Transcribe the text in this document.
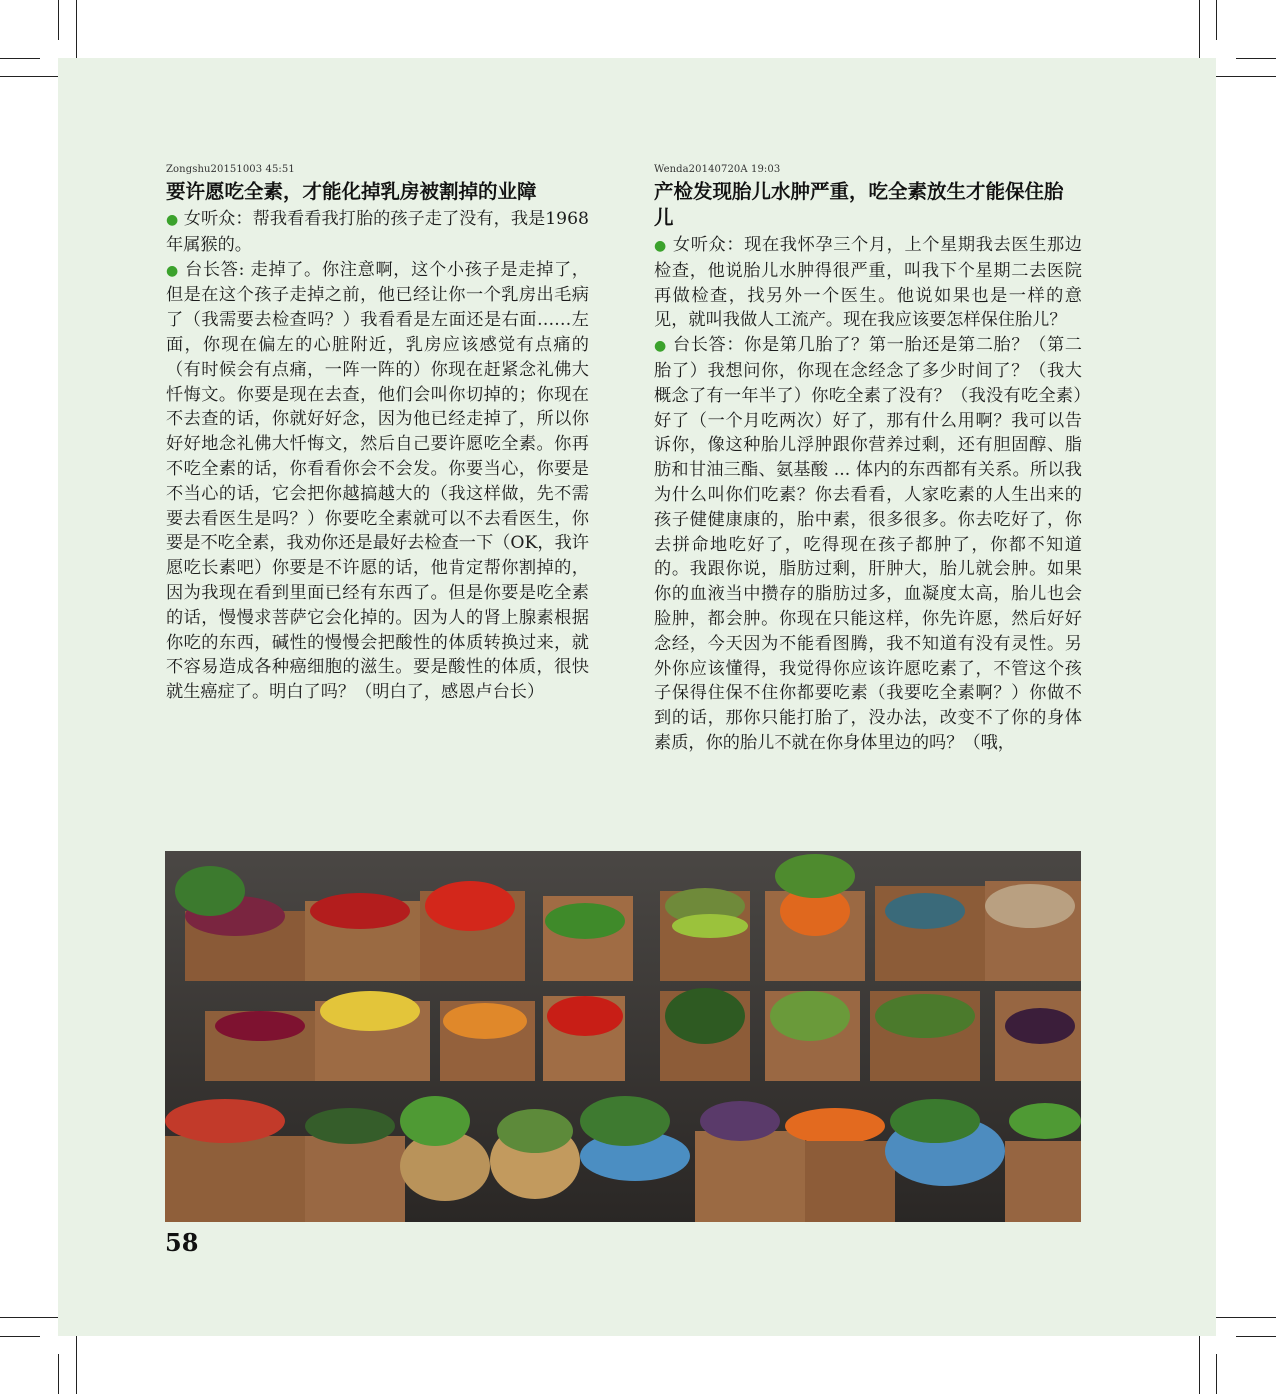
Zongshu20151003 45:51
要许愿吃全素，才能化掉乳房被割掉的业障

● 女听众：帮我看看我打胎的孩子走了没有，我是1968 年属猴的。

● 台长答: 走掉了。你注意啊，这个小孩子是走掉了，但是在这个孩子走掉之前，他已经让你一个乳房出毛病了（我需要去检查吗？）我看看是左面还是右面……左面，你现在偏左的心脏附近，乳房应该感觉有点痛的（有时候会有点痛，一阵一阵的）你现在赶紧念礼佛大忏悔文。你要是现在去查，他们会叫你切掉的；你现在不去查的话，你就好好念，因为他已经走掉了，所以你好好地念礼佛大忏悔文，然后自己要许愿吃全素。你再不吃全素的话，你看看你会不会发。你要当心，你要是不当心的话，它会把你越搞越大的（我这样做，先不需要去看医生是吗？）你要吃全素就可以不去看医生，你要是不吃全素，我劝你还是最好去检查一下（OK，我许愿吃长素吧）你要是不许愿的话，他肯定帮你割掉的，因为我现在看到里面已经有东西了。但是你要是吃全素的话，慢慢求菩萨它会化掉的。因为人的肾上腺素根据你吃的东西，碱性的慢慢会把酸性的体质转换过来，就不容易造成各种癌细胞的滋生。要是酸性的体质，很快就生癌症了。明白了吗？（明白了，感恩卢台长）

Wenda20140720A 19:03
产检发现胎儿水肿严重，吃全素放生才能保住胎儿

● 女听众：现在我怀孕三个月，上个星期我去医生那边检查，他说胎儿水肿得很严重，叫我下个星期二去医院再做检查，找另外一个医生。他说如果也是一样的意见，就叫我做人工流产。现在我应该要怎样保住胎儿？

● 台长答：你是第几胎了？第一胎还是第二胎？（第二胎了）我想问你，你现在念经念了多少时间了？（我大概念了有一年半了）你吃全素了没有？（我没有吃全素）好了（一个月吃两次）好了，那有什么用啊？我可以告诉你，像这种胎儿浮肿跟你营养过剩，还有胆固醇、脂肪和甘油三酯、氨基酸 ... 体内的东西都有关系。所以我为什么叫你们吃素？你去看看，人家吃素的人生出来的孩子健健康康的，胎中素，很多很多。你去吃好了，你去拼命地吃好了，吃得现在孩子都肿了，你都不知道的。我跟你说，脂肪过剩，肝肿大，胎儿就会肿。如果你的血液当中攒存的脂肪过多，血凝度太高，胎儿也会脸肿，都会肿。你现在只能这样，你先许愿，然后好好念经，今天因为不能看图腾，我不知道有没有灵性。另外你应该懂得，我觉得你应该许愿吃素了，不管这个孩子保得住保不住你都要吃素（我要吃全素啊？）你做不到的话，那你只能打胎了，没办法，改变不了你的身体素质，你的胎儿不就在你身体里边的吗？（哦，

58
